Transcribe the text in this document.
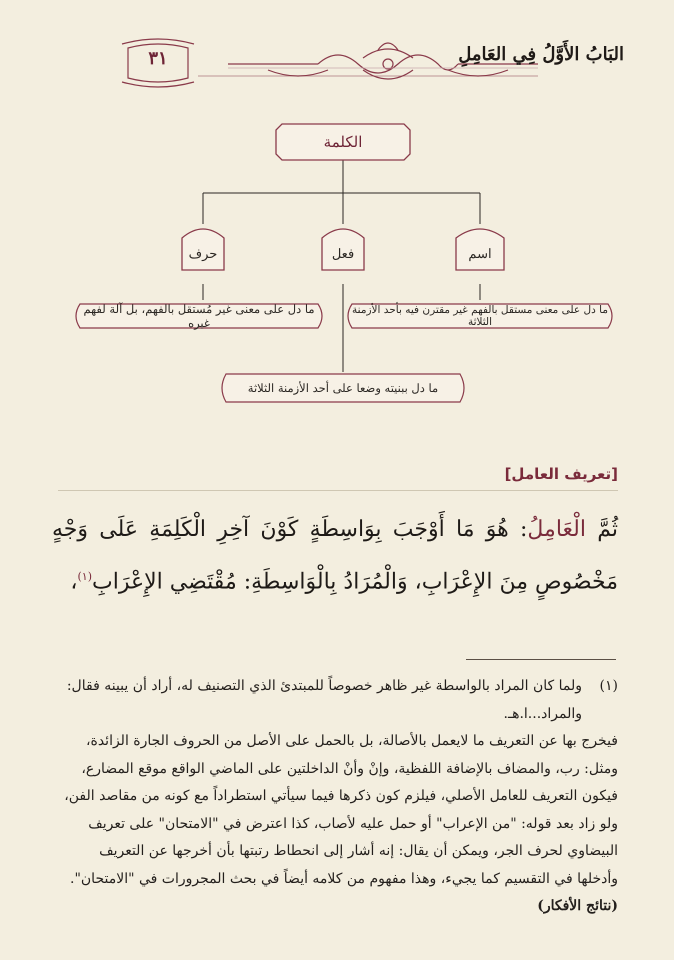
٣١	البَابُ الأَوَّلُ فِي العَامِلِ
الكلمة
حرف	فعل	اسم
ما دل على معنى غير مُستقل بالفهم، بل آلة لفهم غيره
ما دل على معنى مستقل بالفهم غير مقترن فيه بأحد الأزمنة الثلاثة
ما دل ببنيته وضعا على أحد الأزمنة الثلاثة
[تعريف العامل]
ثُمَّ الْعَامِلُ: هُوَ مَا أَوْجَبَ بِوَاسِطَةٍ كَوْنَ آخِرِ الْكَلِمَةِ عَلَى وَجْهٍ مَخْصُوصٍ مِنَ الإِعْرَابِ، وَالْمُرَادُ بِالْوَاسِطَةِ: مُقْتَضِي الإِعْرَابِ$^{(١)}$،
(١)
ولما كان المراد بالواسطة غير ظاهر خصوصاً للمبتدئ الذي التصنيف له، أراد أن يبينه فقال:
والمراد...ا.هـ.
فيخرج بها عن التعريف ما لايعمل بالأصالة، بل بالحمل على الأصل من الحروف الجارة الزائدة،
ومثل: رب، والمضاف بالإضافة اللفظية، وإنْ وأنْ الداخلتين على الماضي الواقع موقع المضارع،
فيكون التعريف للعامل الأصلي، فيلزم كون ذكرها فيما سيأتي استطراداً مع كونه من مقاصد الفن،
ولو زاد بعد قوله: "من الإعراب" أو حمل عليه لأصاب، كذا اعترض في "الامتحان" على تعريف
البيضاوي لحرف الجر، ويمكن أن يقال: إنه أشار إلى انحطاط رتبتها بأن أخرجها عن التعريف
وأدخلها في التقسيم كما يجيء، وهذا مفهوم من كلامه أيضاً في بحث المجرورات في "الامتحان".
(نتائج الأفكار)
